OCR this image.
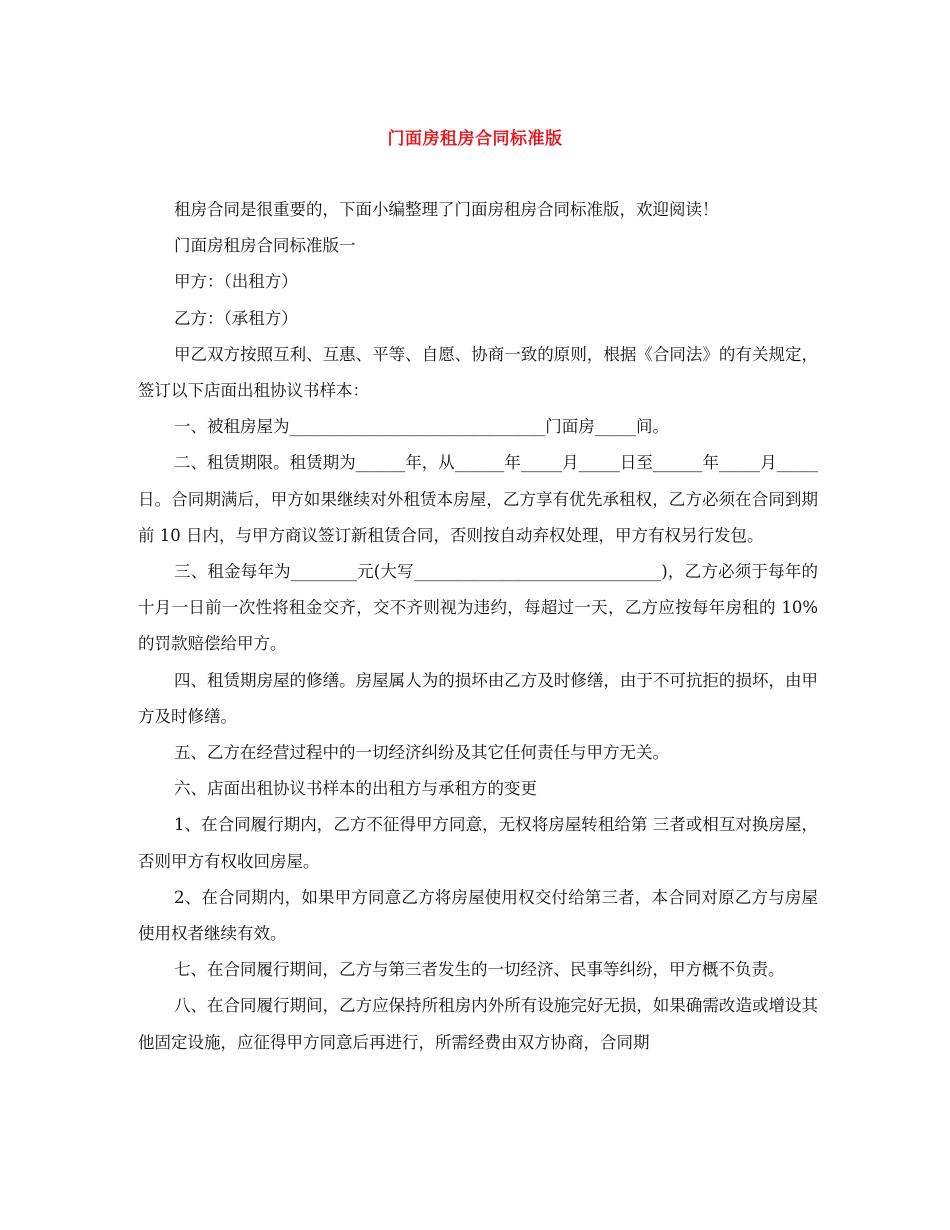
门面房租房合同标准版

租房合同是很重要的，下面小编整理了门面房租房合同标准版，欢迎阅读！

门面房租房合同标准版一

甲方：（出租方）

乙方：（承租方）

甲乙双方按照互利、互惠、平等、自愿、协商一致的原则，根据《合同法》的有关规定，签订以下店面出租协议书样本：

一、被租房屋为_______________________________门面房_____间。

二、租赁期限。租赁期为______年，从______年_____月_____日至______年_____月_____日。合同期满后，甲方如果继续对外租赁本房屋，乙方享有优先承租权，乙方必须在合同到期前 10 日内，与甲方商议签订新租赁合同，否则按自动弃权处理，甲方有权另行发包。

三、租金每年为________元(大写______________________________)，乙方必须于每年的十月一日前一次性将租金交齐，交不齐则视为违约，每超过一天，乙方应按每年房租的 10%的罚款赔偿给甲方。

四、租赁期房屋的修缮。房屋属人为的损坏由乙方及时修缮，由于不可抗拒的损坏，由甲方及时修缮。

五、乙方在经营过程中的一切经济纠纷及其它任何责任与甲方无关。

六、店面出租协议书样本的出租方与承租方的变更

1、在合同履行期内，乙方不征得甲方同意，无权将房屋转租给第 三者或相互对换房屋，否则甲方有权收回房屋。

2、在合同期内，如果甲方同意乙方将房屋使用权交付给第三者，本合同对原乙方与房屋使用权者继续有效。

七、在合同履行期间，乙方与第三者发生的一切经济、民事等纠纷，甲方概不负责。

八、在合同履行期间，乙方应保持所租房内外所有设施完好无损，如果确需改造或增设其他固定设施，应征得甲方同意后再进行，所需经费由双方协商，合同期
